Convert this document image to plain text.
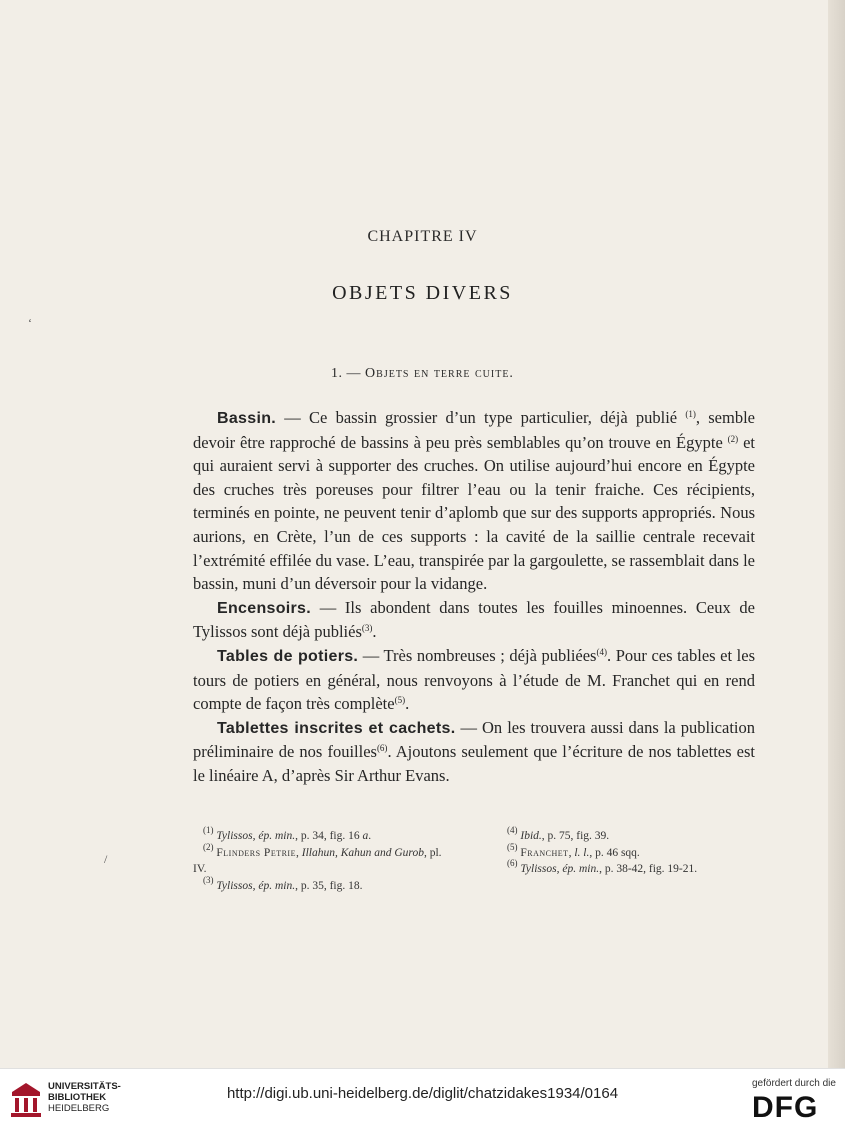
CHAPITRE IV
OBJETS DIVERS
1. — Objets en terre cuite.

Bassin. — Ce bassin grossier d’un type particulier, déjà publié $^{(1)}$, semble devoir être rapproché de bassins à peu près semblables qu’on trouve en Égypte $^{(2)}$ et qui auraient servi à supporter des cruches. On utilise aujourd’hui encore en Égypte des cruches très poreuses pour filtrer l’eau ou la tenir fraiche. Ces récipients, terminés en pointe, ne peuvent tenir d’aplomb que sur des supports appropriés. Nous aurions, en Crète, l’un de ces supports : la cavité de la saillie centrale recevait l’extrémité effilée du vase. L’eau, transpirée par la gargoulette, se rassemblait dans le bassin, muni d’un déversoir pour la vidange.

Encensoirs. — Ils abondent dans toutes les fouilles minoennes. Ceux de Tylissos sont déjà publiés$^{(3)}$.

Tables de potiers. — Très nombreuses ; déjà publiées$^{(4)}$. Pour ces tables et les tours de potiers en général, nous renvoyons à l’étude de M. Franchet qui en rend compte de façon très complète$^{(5)}$.

Tablettes inscrites et cachets. — On les trouvera aussi dans la publication préliminaire de nos fouilles$^{(6)}$. Ajoutons seulement que l’écriture de nos tablettes est le linéaire A, d’après Sir Arthur Evans.

$^{(1)}$ Tylissos, ép. min., p. 34, fig. 16 a.

$^{(2)}$ Flinders Petrie, Illahun, Kahun and Gurob, pl. IV.

$^{(3)}$ Tylissos, ép. min., p. 35, fig. 18.

$^{(4)}$ Ibid., p. 75, fig. 39.

$^{(5)}$ Franchet, l. l., p. 46 sqq.

$^{(6)}$ Tylissos, ép. min., p. 38-42, fig. 19-21.

‘
/
UNIVERSITÄTS-
BIBLIOTHEK
HEIDELBERG
http://digi.ub.uni-heidelberg.de/diglit/chatzidakes1934/0164
gefördert durch die
DFG
